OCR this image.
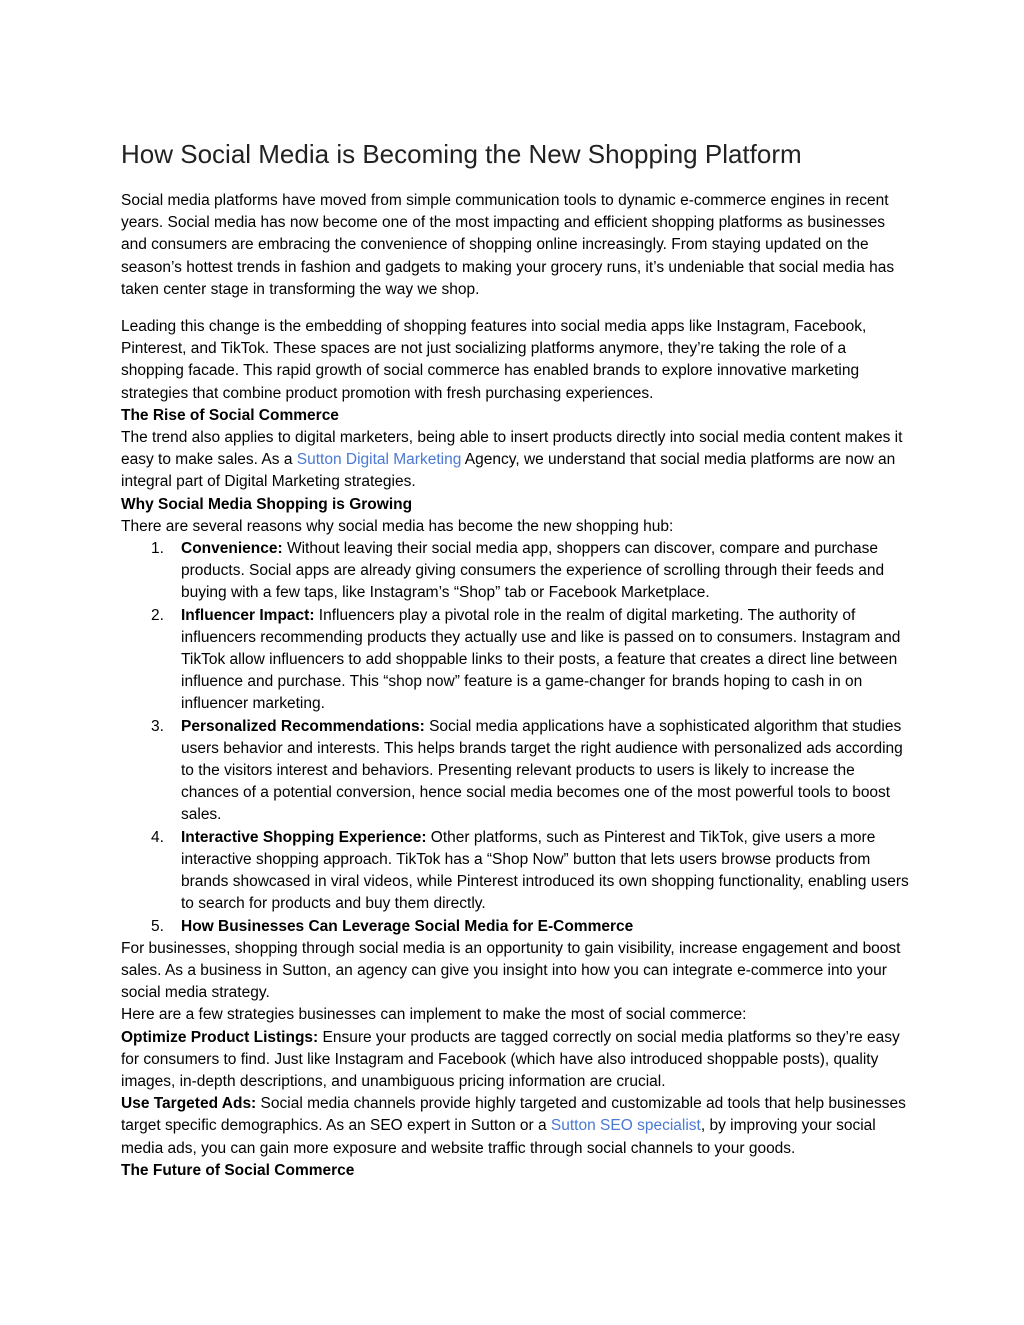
How Social Media is Becoming the New Shopping Platform

Social media platforms have moved from simple communication tools to dynamic e-commerce engines in recent years. Social media has now become one of the most impacting and efficient shopping platforms as businesses and consumers are embracing the convenience of shopping online increasingly. From staying updated on the season’s hottest trends in fashion and gadgets to making your grocery runs, it’s undeniable that social media has taken center stage in transforming the way we shop.

Leading this change is the embedding of shopping features into social media apps like Instagram, Facebook, Pinterest, and TikTok. These spaces are not just socializing platforms anymore, they’re taking the role of a shopping facade. This rapid growth of social commerce has enabled brands to explore innovative marketing strategies that combine product promotion with fresh purchasing experiences.

The Rise of Social Commerce

The trend also applies to digital marketers, being able to insert products directly into social media content makes it easy to make sales. As a Sutton Digital Marketing Agency, we understand that social media platforms are now an integral part of Digital Marketing strategies.

Why Social Media Shopping is Growing

There are several reasons why social media has become the new shopping hub:

1. Convenience: Without leaving their social media app, shoppers can discover, compare and purchase products. Social apps are already giving consumers the experience of scrolling through their feeds and buying with a few taps, like Instagram’s “Shop” tab or Facebook Marketplace.
2. Influencer Impact: Influencers play a pivotal role in the realm of digital marketing. The authority of influencers recommending products they actually use and like is passed on to consumers. Instagram and TikTok allow influencers to add shoppable links to their posts, a feature that creates a direct line between influence and purchase. This “shop now” feature is a game-changer for brands hoping to cash in on influencer marketing.
3. Personalized Recommendations: Social media applications have a sophisticated algorithm that studies users behavior and interests. This helps brands target the right audience with personalized ads according to the visitors interest and behaviors. Presenting relevant products to users is likely to increase the chances of a potential conversion, hence social media becomes one of the most powerful tools to boost sales.
4. Interactive Shopping Experience: Other platforms, such as Pinterest and TikTok, give users a more interactive shopping approach. TikTok has a “Shop Now” button that lets users browse products from brands showcased in viral videos, while Pinterest introduced its own shopping functionality, enabling users to search for products and buy them directly.
5. How Businesses Can Leverage Social Media for E-Commerce

For businesses, shopping through social media is an opportunity to gain visibility, increase engagement and boost sales. As a business in Sutton, an agency can give you insight into how you can integrate e-commerce into your social media strategy.

Here are a few strategies businesses can implement to make the most of social commerce:

Optimize Product Listings: Ensure your products are tagged correctly on social media platforms so they’re easy for consumers to find. Just like Instagram and Facebook (which have also introduced shoppable posts), quality images, in-depth descriptions, and unambiguous pricing information are crucial.

Use Targeted Ads: Social media channels provide highly targeted and customizable ad tools that help businesses target specific demographics. As an SEO expert in Sutton or a Sutton SEO specialist, by improving your social media ads, you can gain more exposure and website traffic through social channels to your goods.

The Future of Social Commerce
